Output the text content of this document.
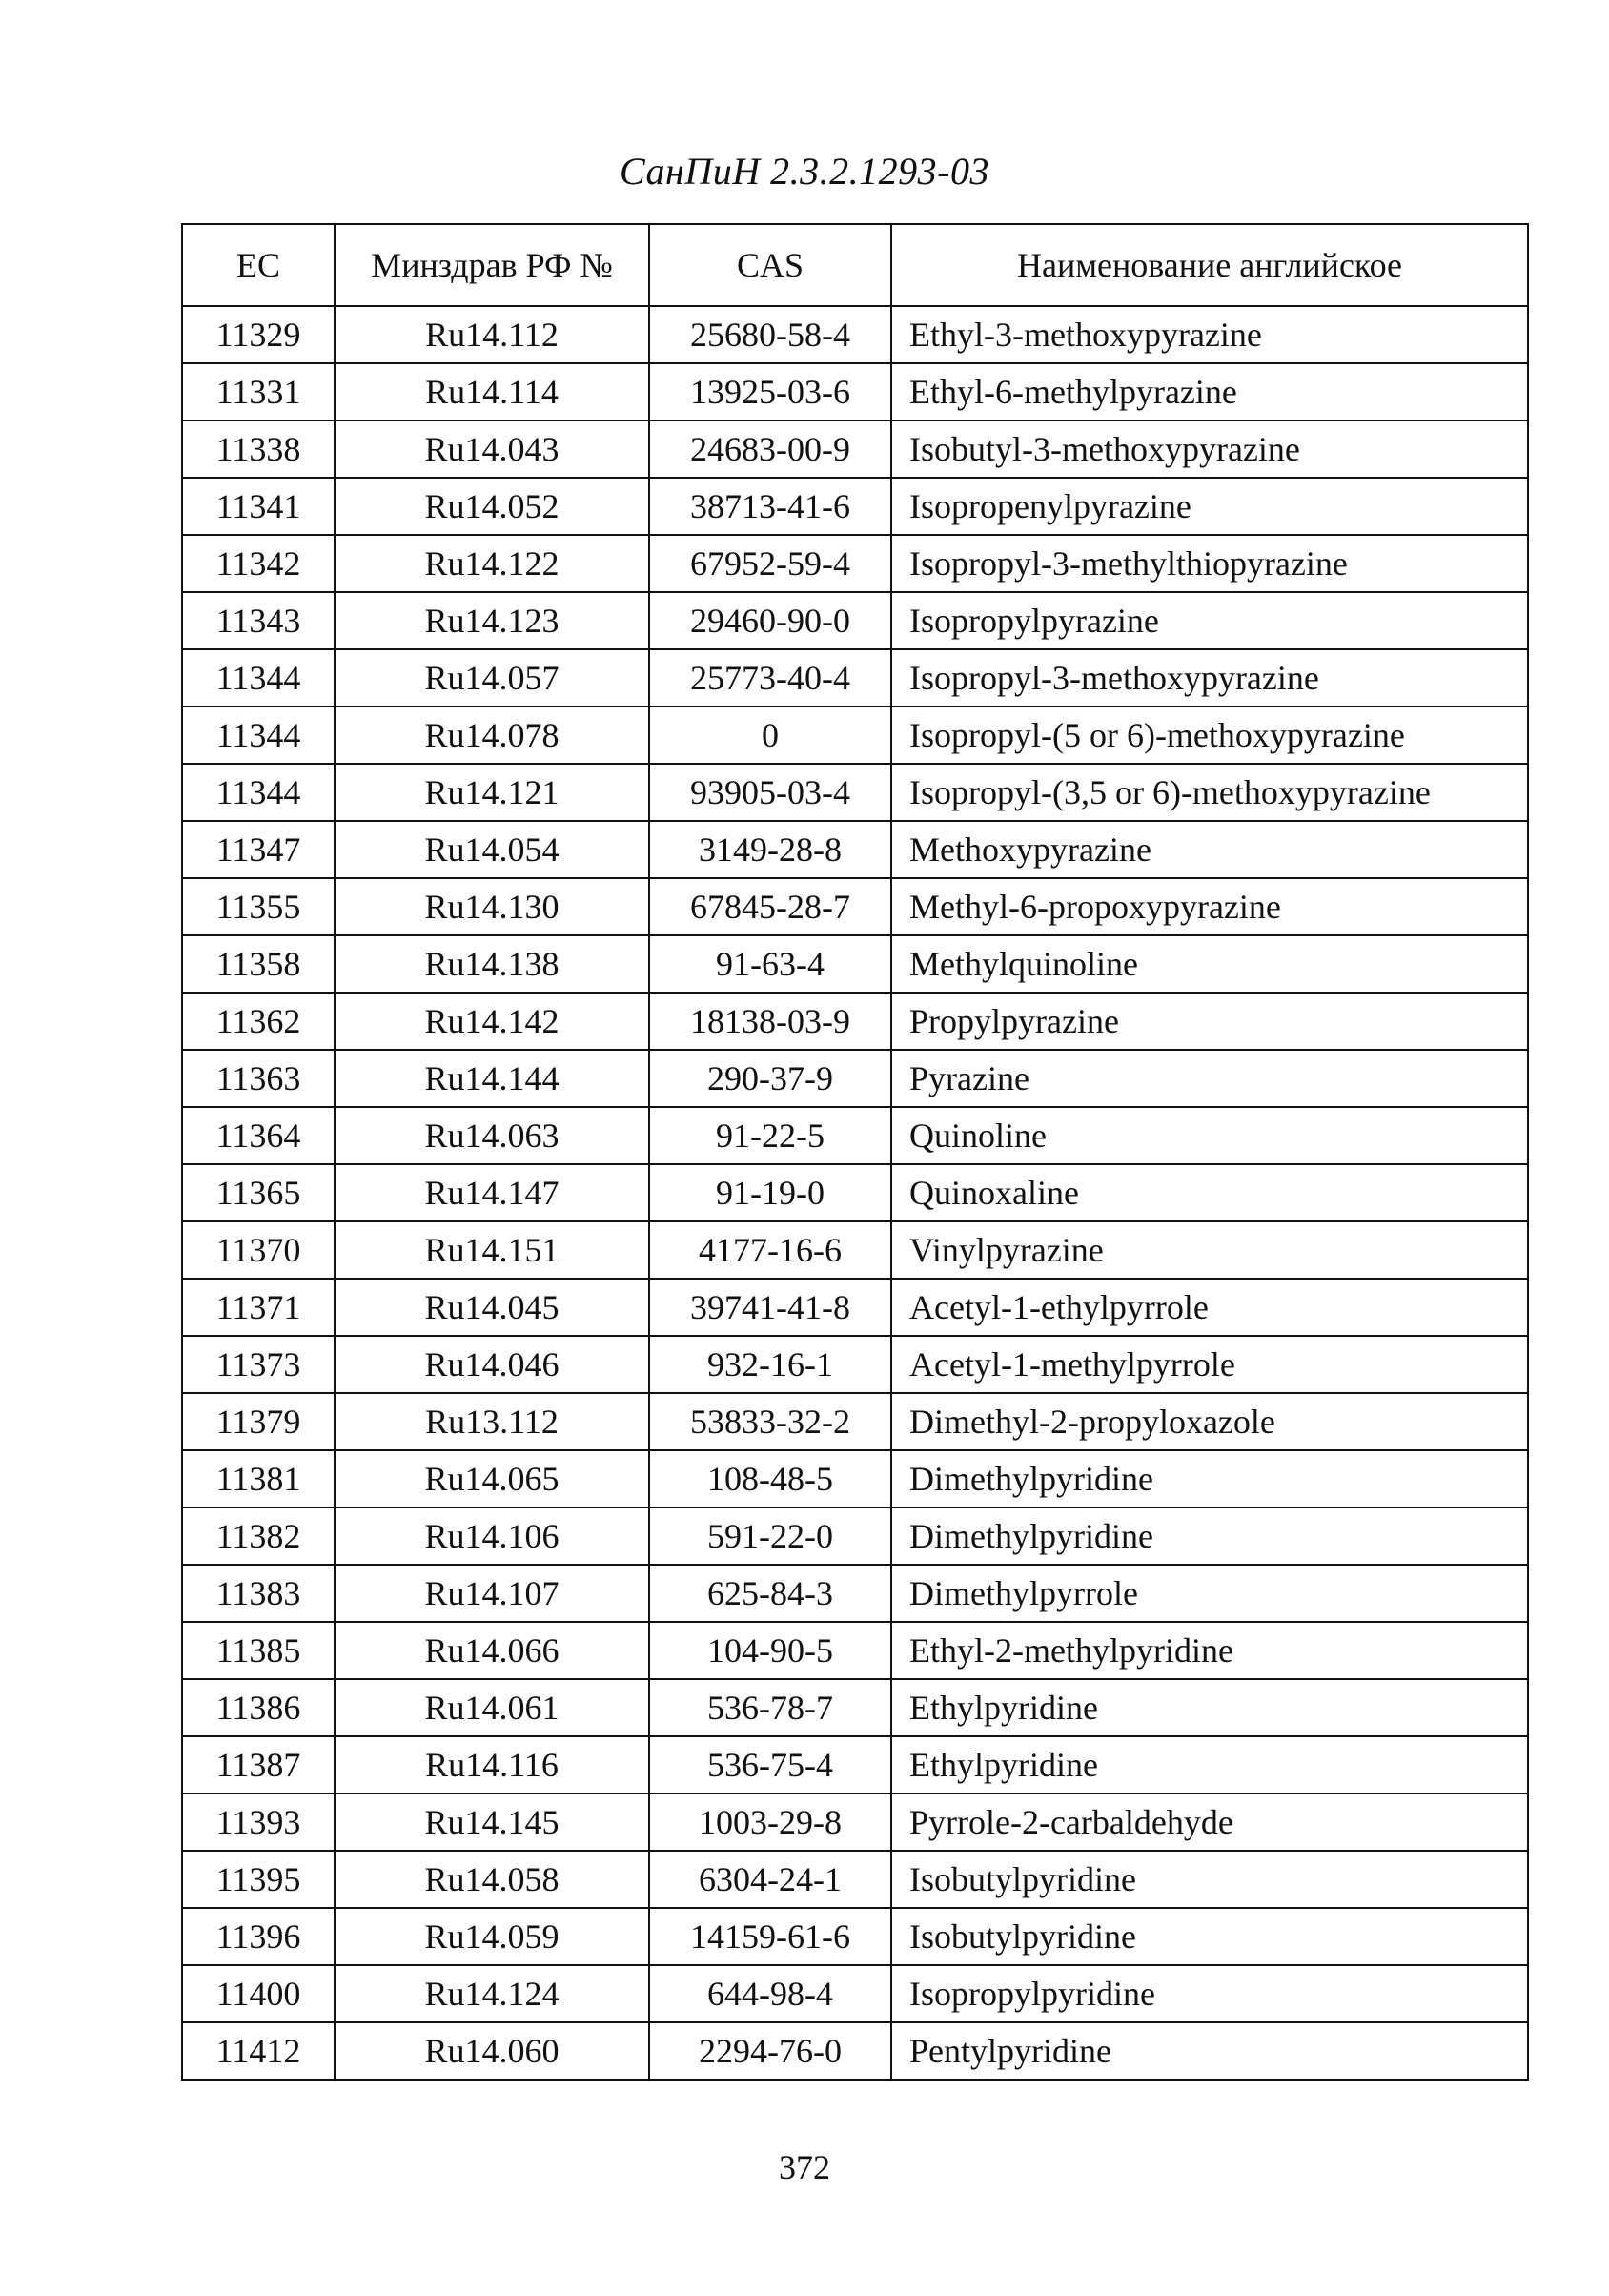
СанПиН 2.3.2.1293-03
EC	Минздрав РФ №	CAS	Наименование английское
11329	Ru14.112	25680-58-4	Ethyl-3-methoxypyrazine
11331	Ru14.114	13925-03-6	Ethyl-6-methylpyrazine
11338	Ru14.043	24683-00-9	Isobutyl-3-methoxypyrazine
11341	Ru14.052	38713-41-6	Isopropenylpyrazine
11342	Ru14.122	67952-59-4	Isopropyl-3-methylthiopyrazine
11343	Ru14.123	29460-90-0	Isopropylpyrazine
11344	Ru14.057	25773-40-4	Isopropyl-3-methoxypyrazine
11344	Ru14.078	0	Isopropyl-(5 or 6)-methoxypyrazine
11344	Ru14.121	93905-03-4	Isopropyl-(3,5 or 6)-methoxypyrazine
11347	Ru14.054	3149-28-8	Methoxypyrazine
11355	Ru14.130	67845-28-7	Methyl-6-propoxypyrazine
11358	Ru14.138	91-63-4	Methylquinoline
11362	Ru14.142	18138-03-9	Propylpyrazine
11363	Ru14.144	290-37-9	Pyrazine
11364	Ru14.063	91-22-5	Quinoline
11365	Ru14.147	91-19-0	Quinoxaline
11370	Ru14.151	4177-16-6	Vinylpyrazine
11371	Ru14.045	39741-41-8	Acetyl-1-ethylpyrrole
11373	Ru14.046	932-16-1	Acetyl-1-methylpyrrole
11379	Ru13.112	53833-32-2	Dimethyl-2-propyloxazole
11381	Ru14.065	108-48-5	Dimethylpyridine
11382	Ru14.106	591-22-0	Dimethylpyridine
11383	Ru14.107	625-84-3	Dimethylpyrrole
11385	Ru14.066	104-90-5	Ethyl-2-methylpyridine
11386	Ru14.061	536-78-7	Ethylpyridine
11387	Ru14.116	536-75-4	Ethylpyridine
11393	Ru14.145	1003-29-8	Pyrrole-2-carbaldehyde
11395	Ru14.058	6304-24-1	Isobutylpyridine
11396	Ru14.059	14159-61-6	Isobutylpyridine
11400	Ru14.124	644-98-4	Isopropylpyridine
11412	Ru14.060	2294-76-0	Pentylpyridine
372
